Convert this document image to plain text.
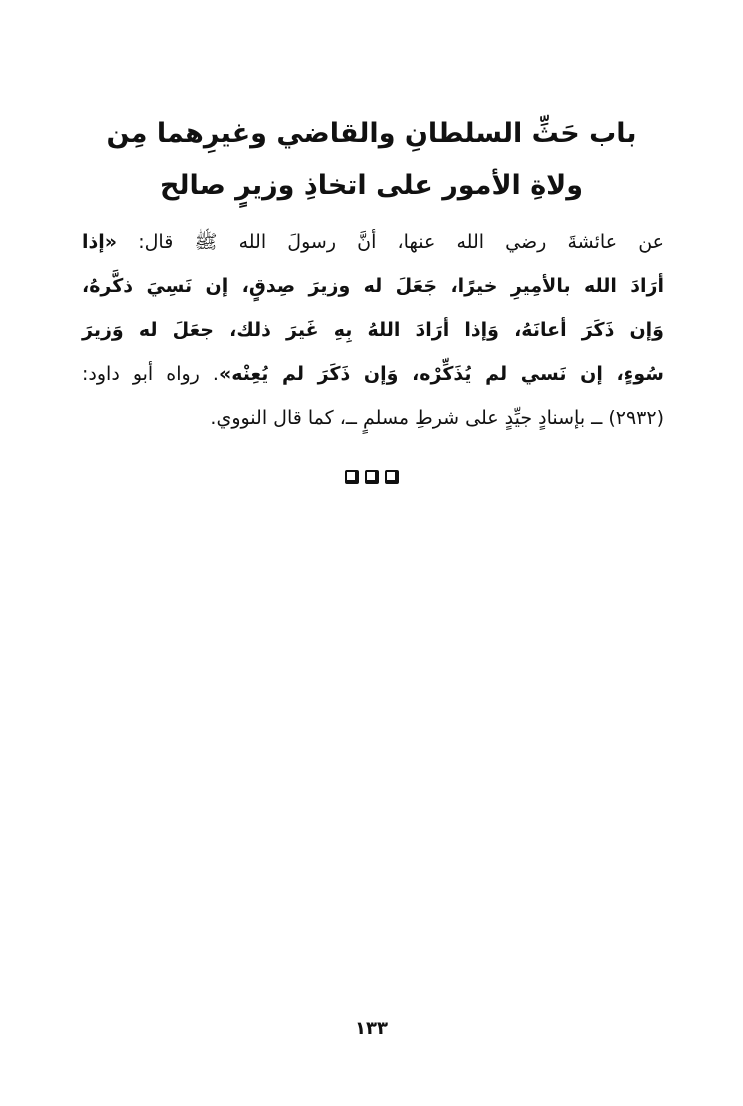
باب حَثِّ السلطانِ والقاضي وغيرِهما مِن
ولاةِ الأمور على اتخاذِ وزيرٍ صالح
عن عائشةَ رضي الله عنها، أنَّ رسولَ الله ﷺ قال: «إذا
أرَادَ الله بالأمِيرِ خيرًا، جَعَلَ له وزيرَ صِدقٍ، إن نَسِيَ ذكَّرهُ،
وَإن ذَكَرَ أعانَهُ، وَإذا أرَادَ اللهُ بِهِ غَيرَ ذلك، جعَلَ له وَزيرَ
سُوءٍ، إن نَسي لم يُذَكِّرْه، وَإن ذَكَرَ لم يُعِنْه». رواه أبو داود:
(٢٩٣٢) ــ بإسنادٍ جيِّدٍ على شرطِ مسلمٍ ــ، كما قال النووي.
١٣٣
